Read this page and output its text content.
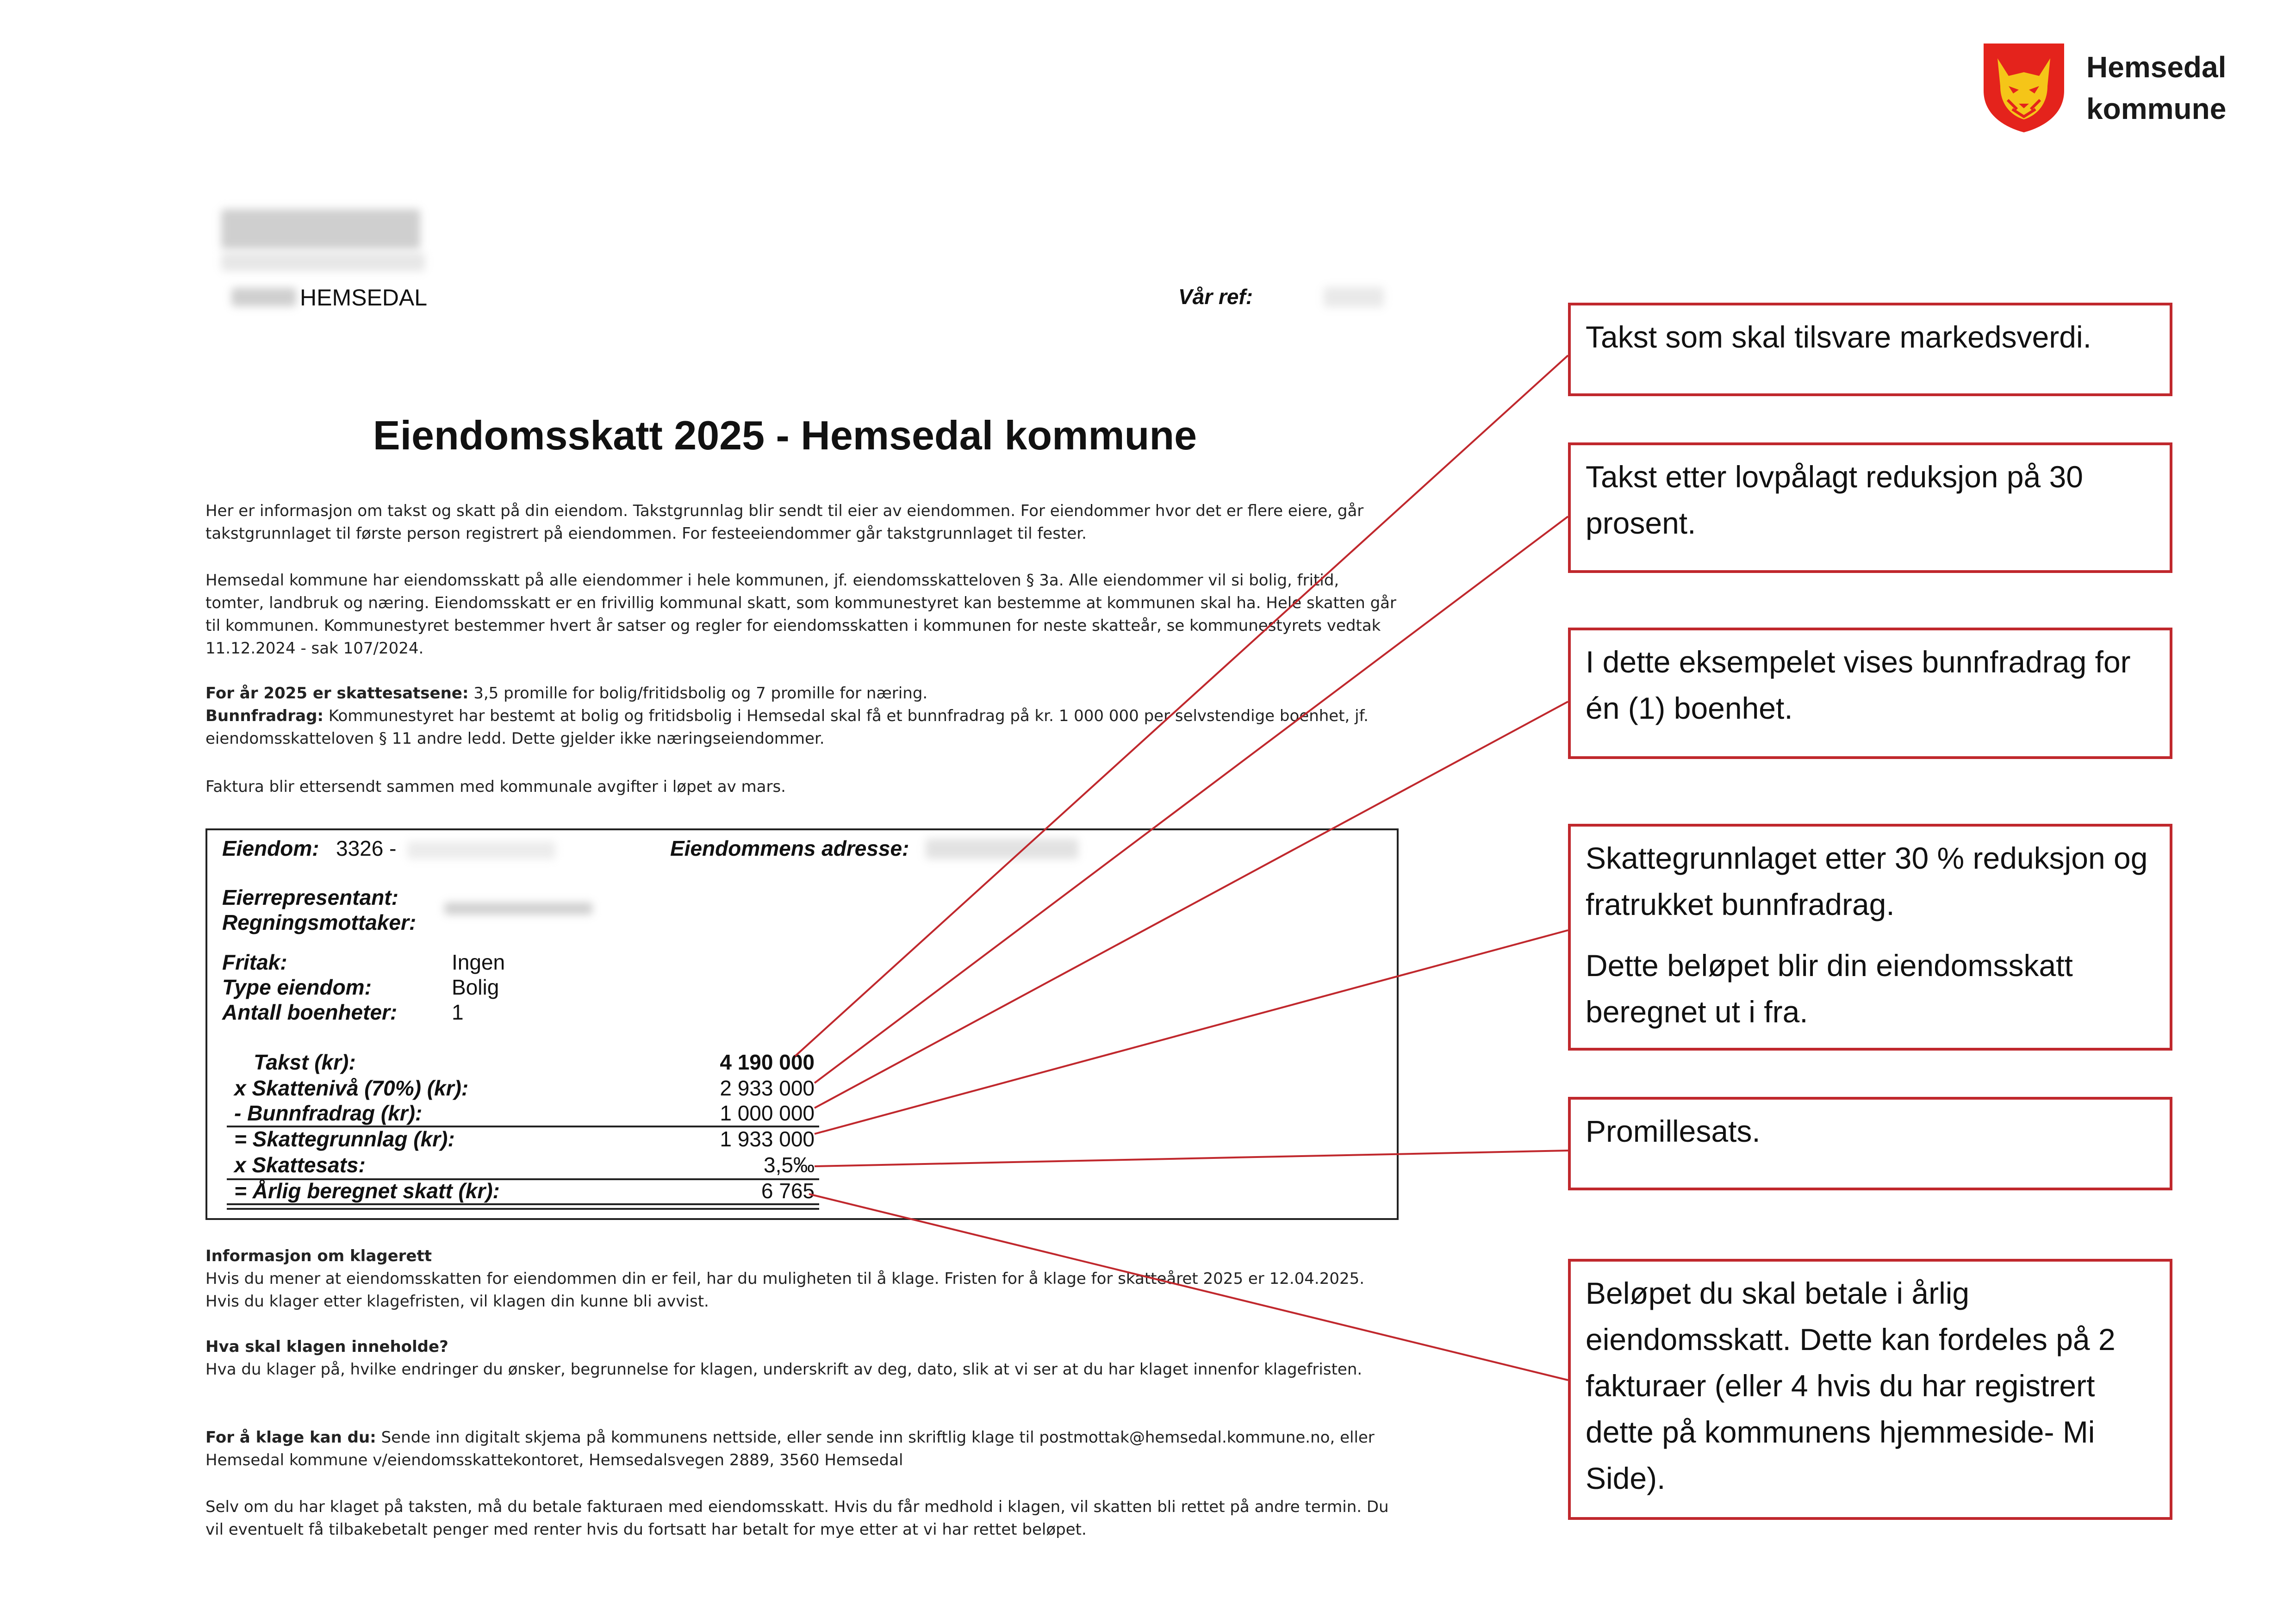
Hemsedal
kommune
HEMSEDAL	Vår ref:
Eiendomsskatt 2025 - Hemsedal kommune
Her er informasjon om takst og skatt på din eiendom. Takstgrunnlag blir sendt til eier av eiendommen. For eiendommer hvor det er flere eiere, går takstgrunnlaget til første person registrert på eiendommen. For festeeiendommer går takstgrunnlaget til fester.
Hemsedal kommune har eiendomsskatt på alle eiendommer i hele kommunen, jf. eiendomsskatteloven § 3a. Alle eiendommer vil si bolig, fritid, tomter, landbruk og næring. Eiendomsskatt er en frivillig kommunal skatt, som kommunestyret kan bestemme at kommunen skal ha. Hele skatten går til kommunen. Kommunestyret bestemmer hvert år satser og regler for eiendomsskatten i kommunen for neste skatteår, se kommunestyrets vedtak 11.12.2024 - sak 107/2024.
For år 2025 er skattesatsene: 3,5 promille for bolig/fritidsbolig og 7 promille for næring.
Bunnfradrag: Kommunestyret har bestemt at bolig og fritidsbolig i Hemsedal skal få et bunnfradrag på kr. 1 000 000 per selvstendige boenhet, jf. eiendomsskatteloven § 11 andre ledd. Dette gjelder ikke næringseiendommer.
Faktura blir ettersendt sammen med kommunale avgifter i løpet av mars.
Eiendom: 3326 -	Eiendommens adresse:
Eierrepresentant:
Regningsmottaker:
Fritak:	Ingen
Type eiendom:	Bolig
Antall boenheter:	1
Takst (kr):	4 190 000
x Skattenivå (70%) (kr):	2 933 000
- Bunnfradrag (kr):	1 000 000
= Skattegrunnlag (kr):	1 933 000
x Skattesats:	3,5‰
= Årlig beregnet skatt (kr):	6 765
Informasjon om klagerett
Hvis du mener at eiendomsskatten for eiendommen din er feil, har du muligheten til å klage. Fristen for å klage for skatteåret 2025 er 12.04.2025. Hvis du klager etter klagefristen, vil klagen din kunne bli avvist.
Hva skal klagen inneholde?
Hva du klager på, hvilke endringer du ønsker, begrunnelse for klagen, underskrift av deg, dato, slik at vi ser at du har klaget innenfor klagefristen.
For å klage kan du: Sende inn digitalt skjema på kommunens nettside, eller sende inn skriftlig klage til postmottak@hemsedal.kommune.no, eller Hemsedal kommune v/eiendomsskattekontoret, Hemsedalsvegen 2889, 3560 Hemsedal
Selv om du har klaget på taksten, må du betale fakturaen med eiendomsskatt. Hvis du får medhold i klagen, vil skatten bli rettet på andre termin. Du vil eventuelt få tilbakebetalt penger med renter hvis du fortsatt har betalt for mye etter at vi har rettet beløpet.

Takst som skal tilsvare markedsverdi.

Takst etter lovpålagt reduksjon på 30 prosent.

I dette eksempelet vises bunnfradrag for én (1) boenhet.

Skattegrunnlaget etter 30 % reduksjon og fratrukket bunnfradrag.

Dette beløpet blir din eiendomsskatt beregnet ut i fra.

Promillesats.

Beløpet du skal betale i årlig eiendomsskatt. Dette kan fordeles på 2 fakturaer (eller 4 hvis du har registrert dette på kommunens hjemmeside- Mi Side).
